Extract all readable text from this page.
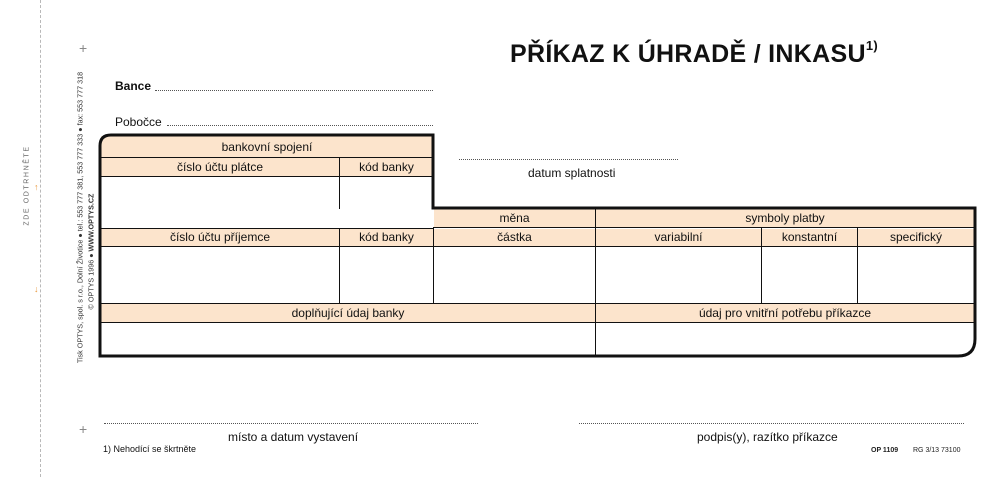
↑
ZDE ODTRHNĚTE
↓	Tisk OPTYS, spol. s r.o., Dolní Životice ● tel.: 553 777 381, 553 777 333 ● fax: 553 777 318
© OPTYS 1996 ● WWW.OPTYS.CZ
+
+
PŘÍKAZ K ÚHRADĚ / INKASU$^{1)}$
Bance
Pobočce
datum splatnosti
bankovní spojení
číslo účtu plátce	kód banky
měna	symboly platby
číslo účtu příjemce	kód banky	částka	variabilní	konstantní	specifický
doplňující údaj banky	údaj pro vnitřní potřebu příkazce
místo a datum vystavení	podpis(y), razítko příkazce
1) Nehodící se škrtněte	OP 1109 RG 3/13 73100
